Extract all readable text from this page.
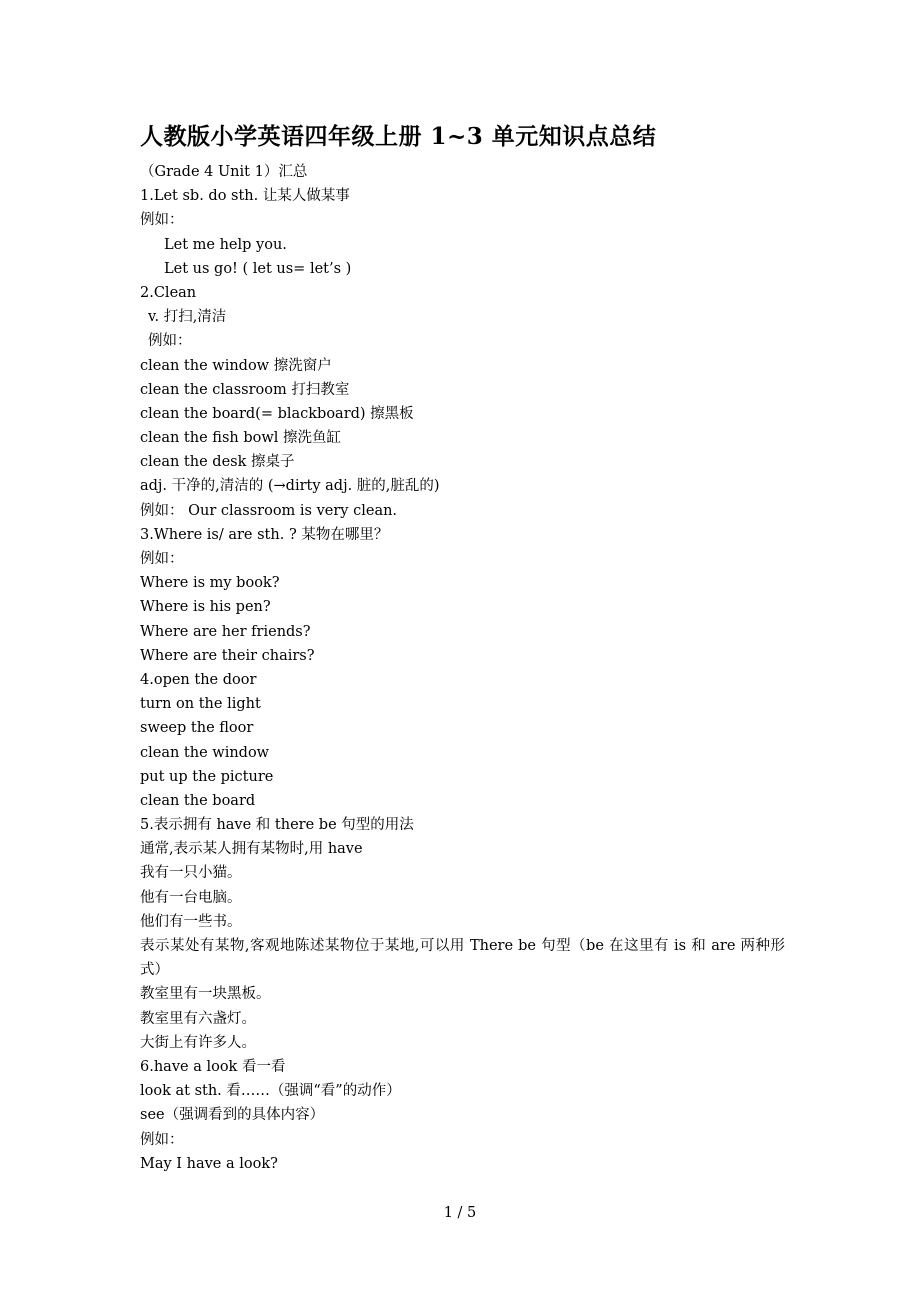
人教版小学英语四年级上册 1~3 单元知识点总结
（Grade 4 Unit 1）汇总
1.Let sb. do sth. 让某人做某事
例如：
Let me help you.
Let us go! ( let us= let’s )
2.Clean
v. 打扫,清洁
例如：
clean the window 擦洗窗户
clean the classroom 打扫教室
clean the board(= blackboard) 擦黑板
clean the fish bowl 擦洗鱼缸
clean the desk 擦桌子
adj. 干净的,清洁的 (→dirty adj. 脏的,脏乱的)
例如： Our classroom is very clean.
3.Where is/ are sth. ? 某物在哪里？
例如：
Where is my book?
Where is his pen?
Where are her friends?
Where are their chairs?
4.open the door
turn on the light
sweep the floor
clean the window
put up the picture
clean the board
5.表示拥有 have 和 there be 句型的用法
通常,表示某人拥有某物时,用 have
我有一只小猫。
他有一台电脑。
他们有一些书。
表示某处有某物,客观地陈述某物位于某地,可以用 There be 句型（be 在这里有 is 和 are 两种形式）
教室里有一块黑板。
教室里有六盏灯。
大街上有许多人。
6.have a look 看一看
look at sth. 看……（强调“看”的动作）
see（强调看到的具体内容）
例如：
May I have a look?
1 / 5
